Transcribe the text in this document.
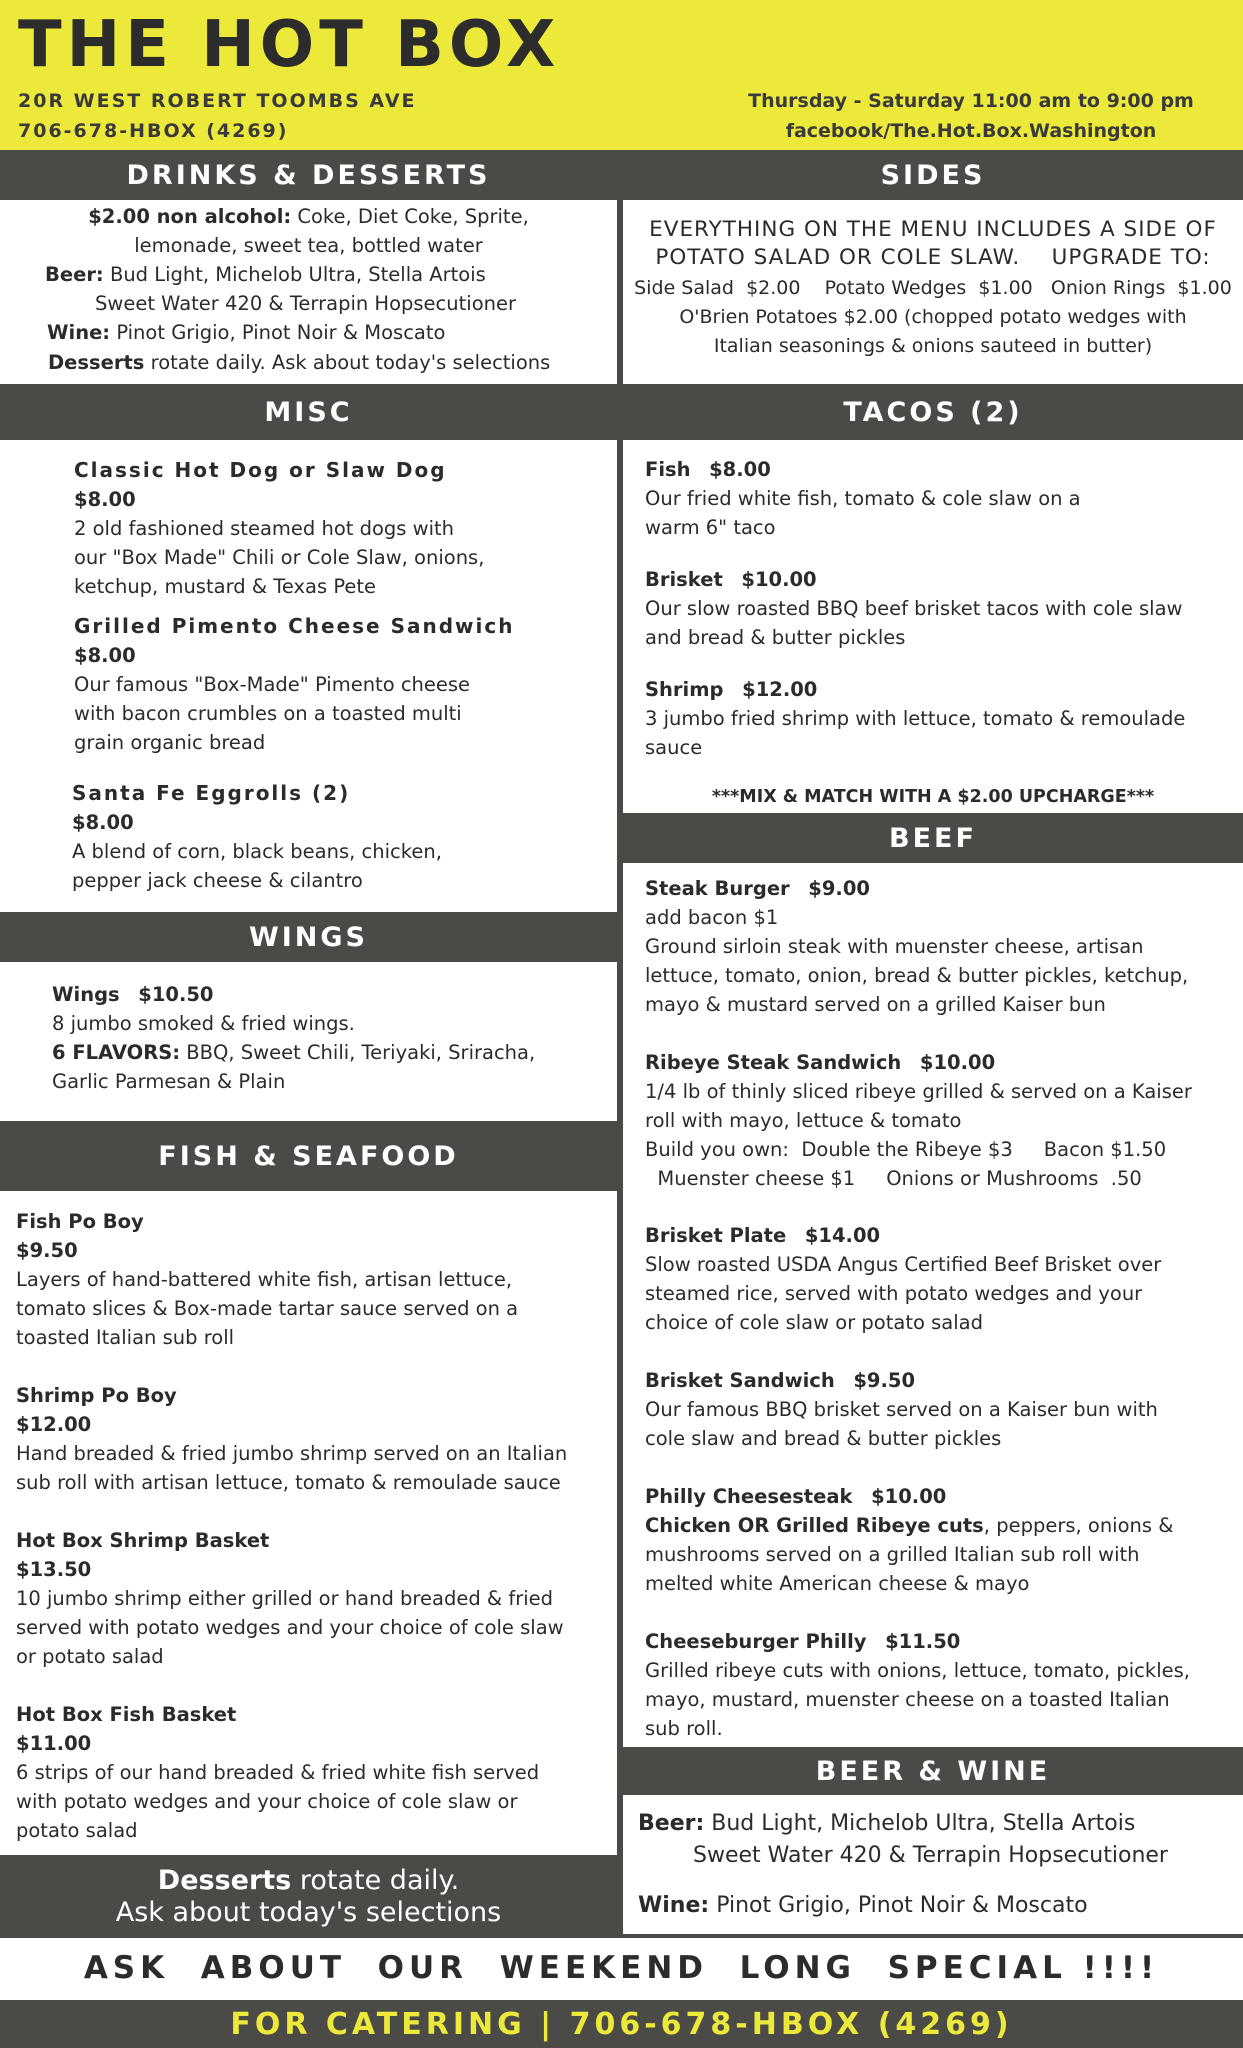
THE HOT BOX
20R WEST ROBERT TOOMBS AVE
706-678-HBOX (4269)
Thursday - Saturday 11:00 am to 9:00 pm
facebook/The.Hot.Box.Washington
DRINKS & DESSERTS
$2.00 non alcohol: Coke, Diet Coke, Sprite,
lemonade, sweet tea, bottled water
Beer: Bud Light, Michelob Ultra, Stella Artois
Sweet Water 420 & Terrapin Hopsecutioner
Wine: Pinot Grigio, Pinot Noir & Moscato
Desserts rotate daily. Ask about today's selections
SIDES
EVERYTHING ON THE MENU INCLUDES A SIDE OF
POTATO SALAD OR COLE SLAW.    UPGRADE TO:
Side Salad  $2.00    Potato Wedges  $1.00   Onion Rings  $1.00
O'Brien Potatoes $2.00 (chopped potato wedges with
Italian seasonings & onions sauteed in butter)
MISC
Classic Hot Dog or Slaw Dog
$8.00
2 old fashioned steamed hot dogs with
our "Box Made" Chili or Cole Slaw, onions,
ketchup, mustard & Texas Pete
Grilled Pimento Cheese Sandwich
$8.00
Our famous "Box-Made" Pimento cheese
with bacon crumbles on a toasted multi
grain organic bread
Santa Fe Eggrolls (2)
$8.00
A blend of corn, black beans, chicken,
pepper jack cheese & cilantro
TACOS (2)
Fish $8.00
Our fried white fish, tomato & cole slaw on a
warm 6" taco
Brisket $10.00
Our slow roasted BBQ beef brisket tacos with cole slaw
and bread & butter pickles
Shrimp $12.00
3 jumbo fried shrimp with lettuce, tomato & remoulade
sauce
***MIX & MATCH WITH A $2.00 UPCHARGE***
WINGS
Wings $10.50
8 jumbo smoked & fried wings.
6 FLAVORS: BBQ, Sweet Chili, Teriyaki, Sriracha,
Garlic Parmesan & Plain
BEEF
Steak Burger $9.00
add bacon $1
Ground sirloin steak with muenster cheese, artisan
lettuce, tomato, onion, bread & butter pickles, ketchup,
mayo & mustard served on a grilled Kaiser bun
Ribeye Steak Sandwich $10.00
1/4 lb of thinly sliced ribeye grilled & served on a Kaiser
roll with mayo, lettuce & tomato
Build you own:  Double the Ribeye $3     Bacon $1.50
Muenster cheese $1     Onions or Mushrooms  .50
Brisket Plate $14.00
Slow roasted USDA Angus Certified Beef Brisket over
steamed rice, served with potato wedges and your
choice of cole slaw or potato salad
Brisket Sandwich $9.50
Our famous BBQ brisket served on a Kaiser bun with
cole slaw and bread & butter pickles
Philly Cheesesteak $10.00
Chicken OR Grilled Ribeye cuts, peppers, onions &
mushrooms served on a grilled Italian sub roll with
melted white American cheese & mayo
Cheeseburger Philly $11.50
Grilled ribeye cuts with onions, lettuce, tomato, pickles,
mayo, mustard, muenster cheese on a toasted Italian
sub roll.
FISH & SEAFOOD
Fish Po Boy
$9.50
Layers of hand-battered white fish, artisan lettuce,
tomato slices & Box-made tartar sauce served on a
toasted Italian sub roll
Shrimp Po Boy
$12.00
Hand breaded & fried jumbo shrimp served on an Italian
sub roll with artisan lettuce, tomato & remoulade sauce
Hot Box Shrimp Basket
$13.50
10 jumbo shrimp either grilled or hand breaded & fried
served with potato wedges and your choice of cole slaw
or potato salad
Hot Box Fish Basket
$11.00
6 strips of our hand breaded & fried white fish served
with potato wedges and your choice of cole slaw or
potato salad
Desserts rotate daily.
Ask about today's selections
BEER & WINE
Beer: Bud Light, Michelob Ultra, Stella Artois
Sweet Water 420 & Terrapin Hopsecutioner
Wine: Pinot Grigio, Pinot Noir & Moscato
ASK  ABOUT  OUR  WEEKEND  LONG  SPECIAL !!!!
FOR CATERING | 706-678-HBOX (4269)
